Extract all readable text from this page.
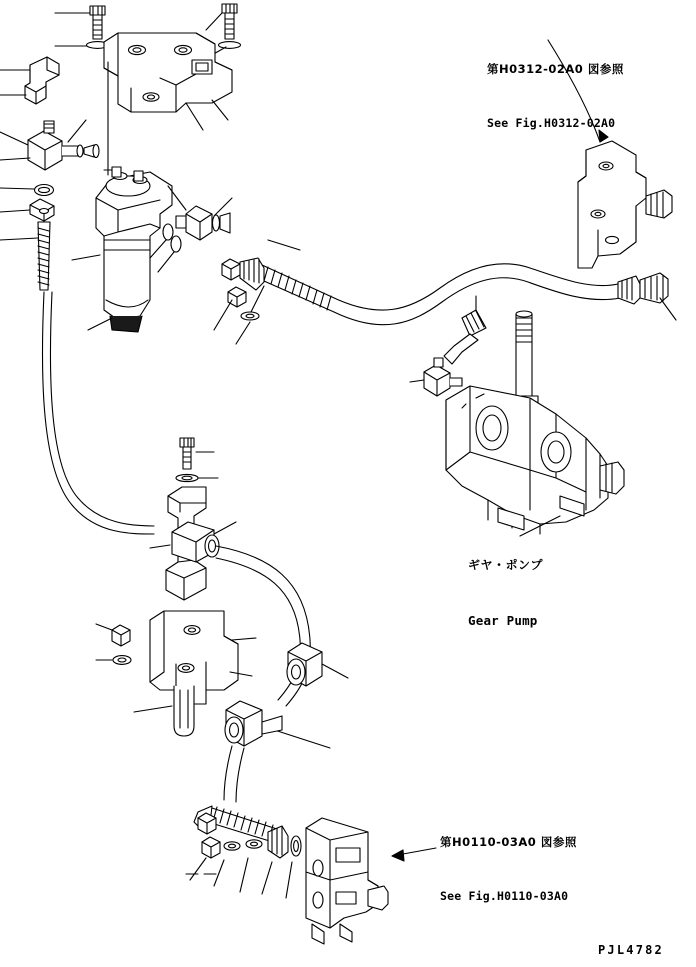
第H0312-02A0 図参照

See Fig.H0312-02A0

ギヤ・ポンプ

Gear Pump

第H0110-03A0 図参照

See Fig.H0110-03A0

PJL4782
